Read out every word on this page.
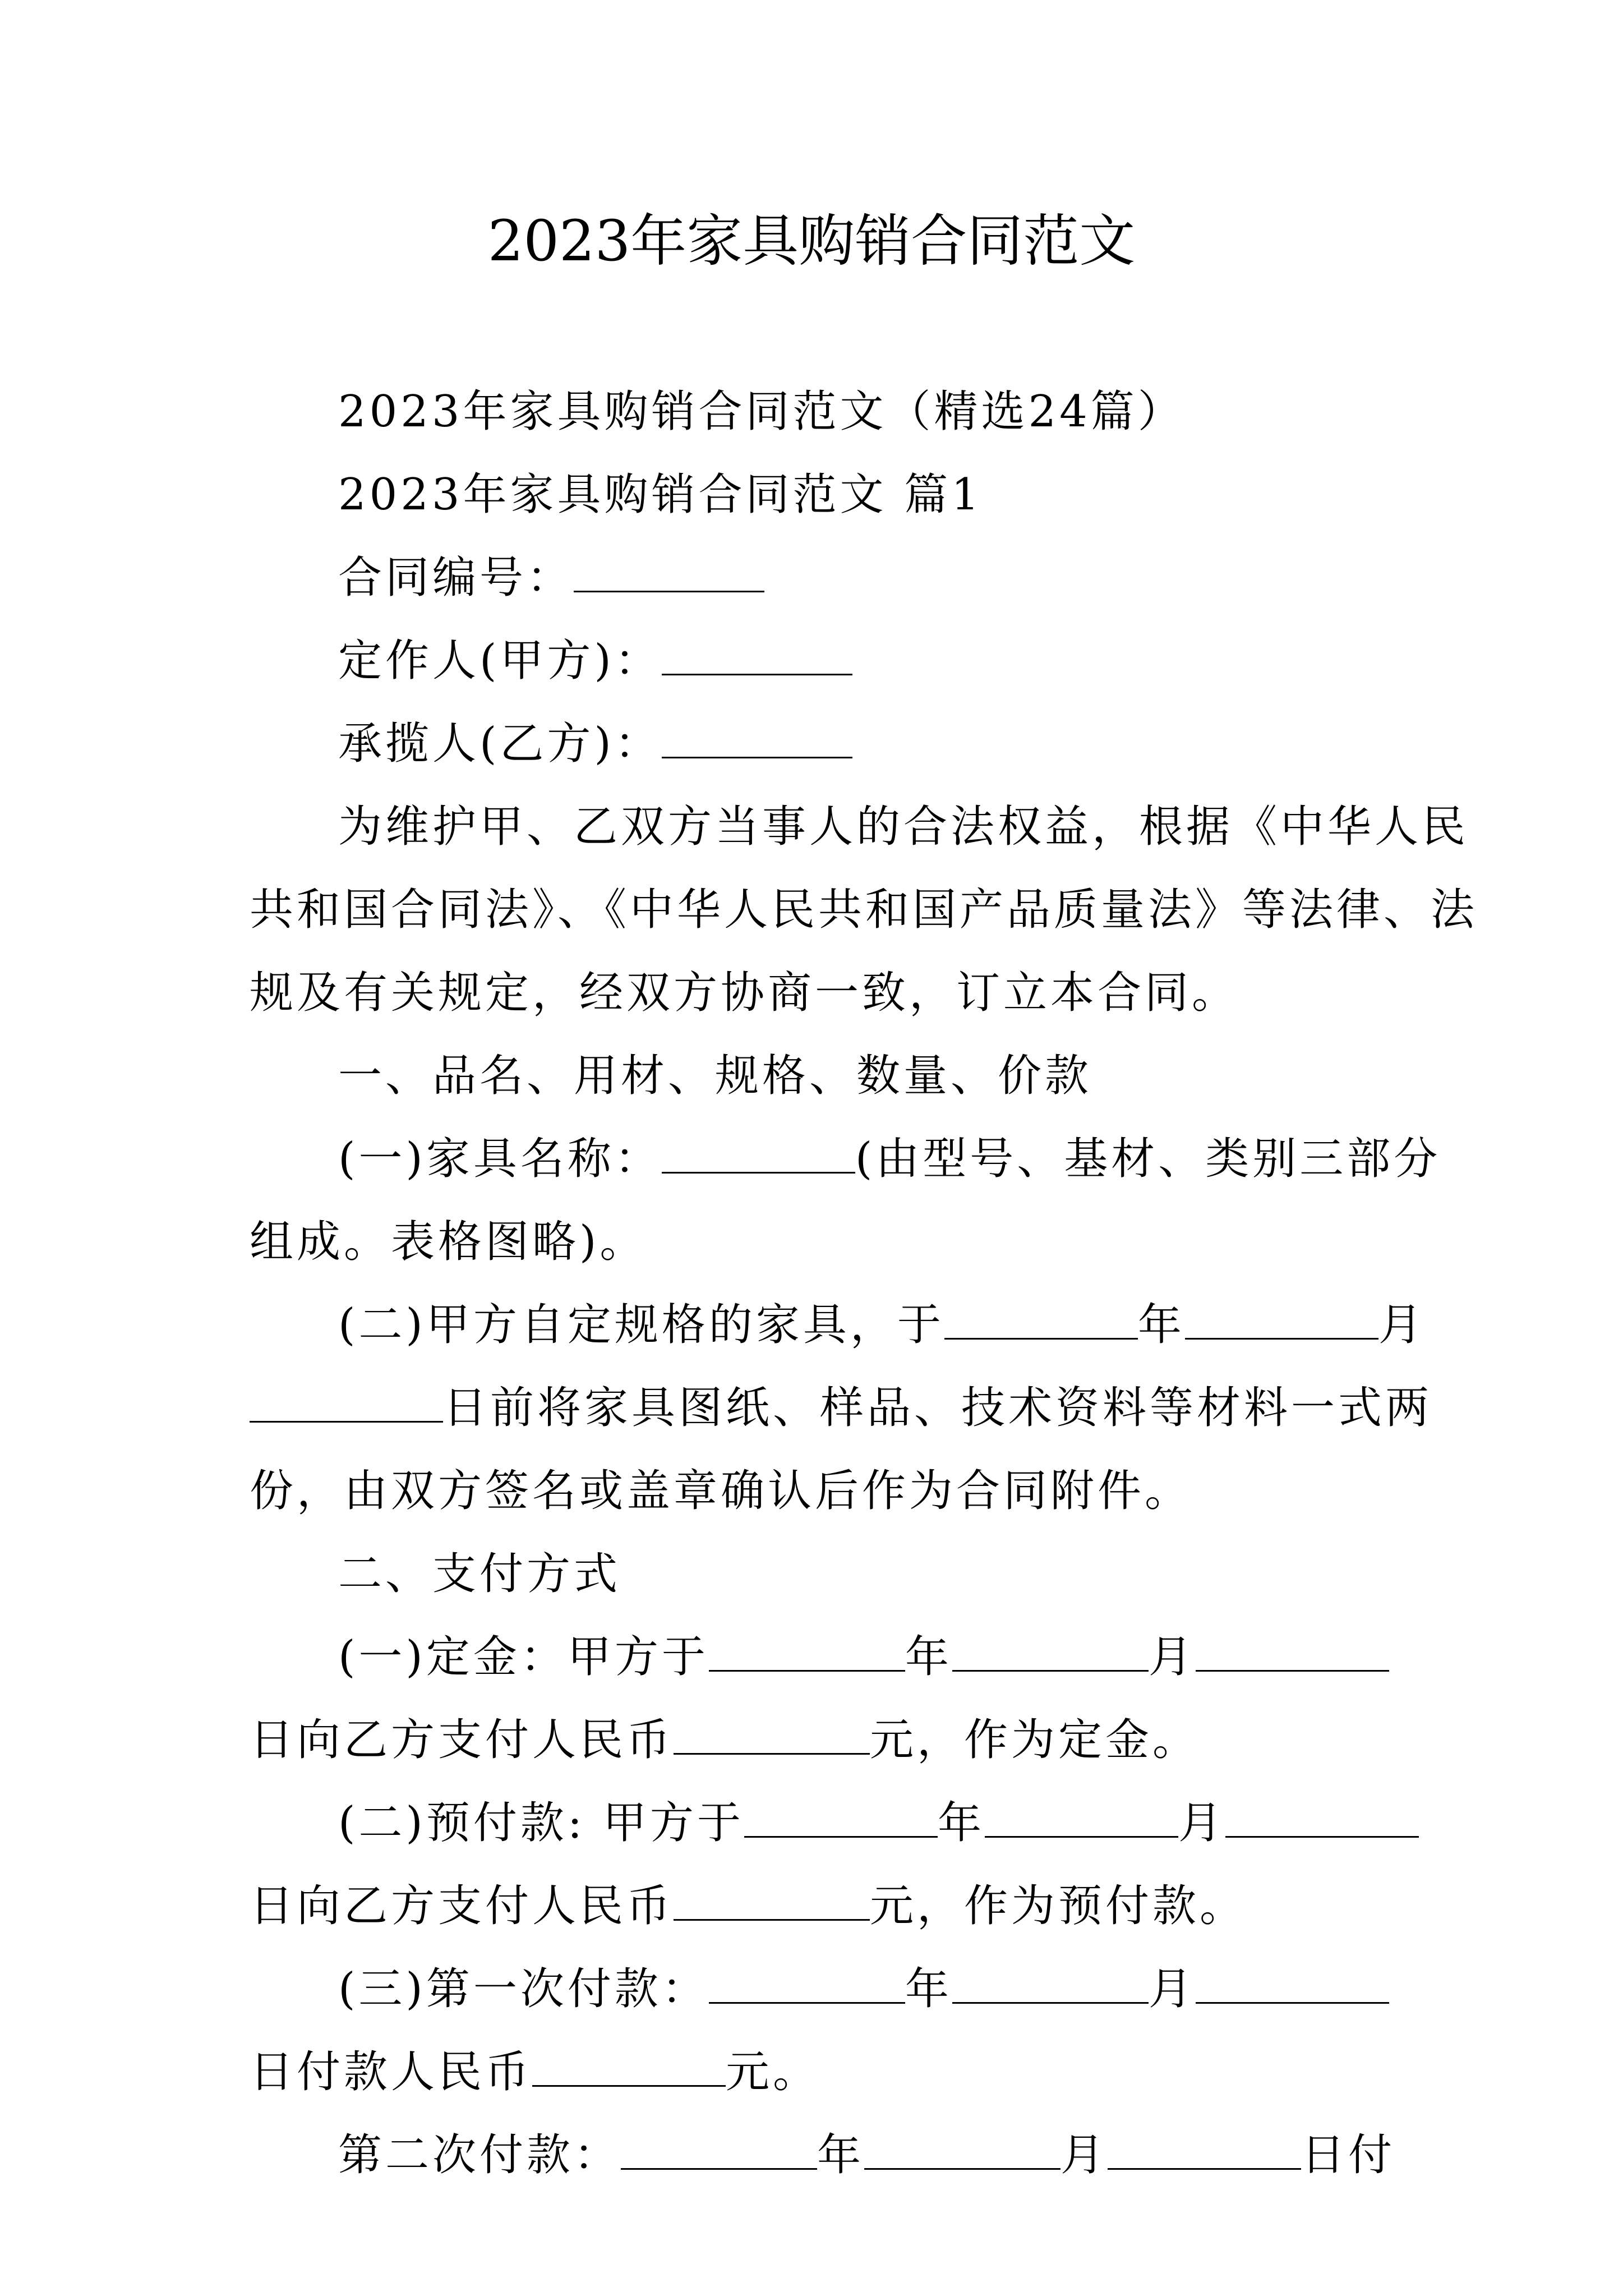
2023年家具购销合同范文
2023年家具购销合同范文（精选24篇）
2023年家具购销合同范文 篇1
合同编号：
定作人(甲方)：
承揽人(乙方)：
为维护甲、乙双方当事人的合法权益，根据《中华人民
共和国合同法》、《中华人民共和国产品质量法》等法律、法
规及有关规定，经双方协商一致，订立本合同。
一、品名、用材、规格、数量、价款
(一)家具名称：	(由型号、基材、类别三部分
组成。表格图略)。
(二)甲方自定规格的家具，于	年	月
日前将家具图纸、样品、技术资料等材料一式两
份，由双方签名或盖章确认后作为合同附件。
二、支付方式
(一)定金：甲方于	年	月
日向乙方支付人民币	元，作为定金。
(二)预付款: 甲方于	年	月
日向乙方支付人民币	元，作为预付款。
(三)第一次付款：	年	月
日付款人民币	元。
第二次付款：	年	月	日付
